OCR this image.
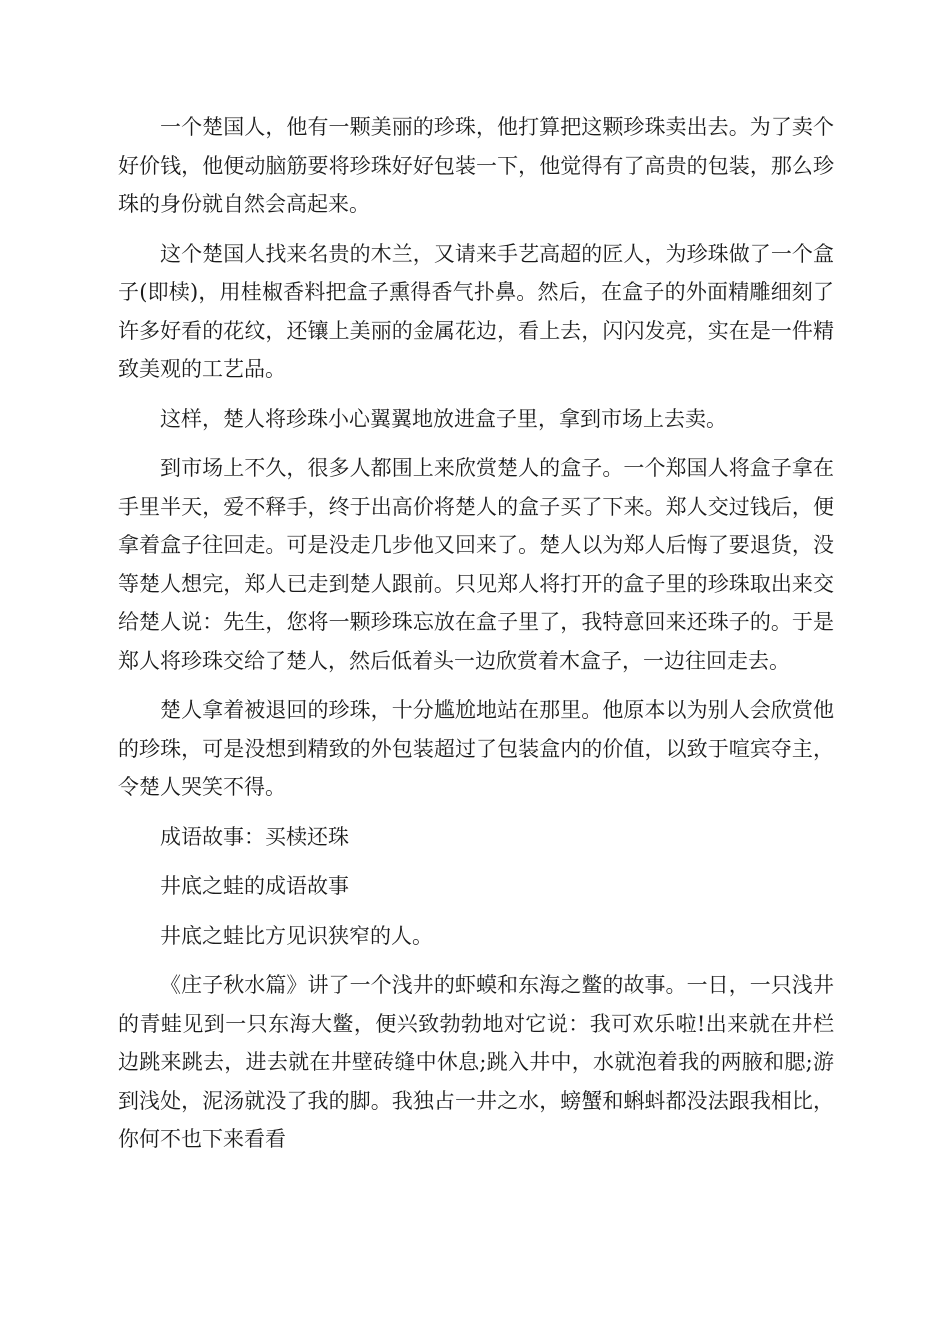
一个楚国人，他有一颗美丽的珍珠，他打算把这颗珍珠卖出去。为了卖个好价钱，他便动脑筋要将珍珠好好包装一下，他觉得有了高贵的包装，那么珍珠的身份就自然会高起来。

这个楚国人找来名贵的木兰，又请来手艺高超的匠人，为珍珠做了一个盒子(即椟)，用桂椒香料把盒子熏得香气扑鼻。然后，在盒子的外面精雕细刻了许多好看的花纹，还镶上美丽的金属花边，看上去，闪闪发亮，实在是一件精致美观的工艺品。

这样，楚人将珍珠小心翼翼地放进盒子里，拿到市场上去卖。

到市场上不久，很多人都围上来欣赏楚人的盒子。一个郑国人将盒子拿在手里半天，爱不释手，终于出高价将楚人的盒子买了下来。郑人交过钱后，便拿着盒子往回走。可是没走几步他又回来了。楚人以为郑人后悔了要退货，没等楚人想完，郑人已走到楚人跟前。只见郑人将打开的盒子里的珍珠取出来交给楚人说：先生，您将一颗珍珠忘放在盒子里了，我特意回来还珠子的。于是郑人将珍珠交给了楚人，然后低着头一边欣赏着木盒子，一边往回走去。

楚人拿着被退回的珍珠，十分尴尬地站在那里。他原本以为别人会欣赏他的珍珠，可是没想到精致的外包装超过了包装盒内的价值，以致于喧宾夺主，令楚人哭笑不得。

成语故事：买椟还珠

井底之蛙的成语故事

井底之蛙比方见识狭窄的人。

《庄子秋水篇》讲了一个浅井的虾蟆和东海之鳖的故事。一日，一只浅井的青蛙见到一只东海大鳖，便兴致勃勃地对它说：我可欢乐啦!出来就在井栏边跳来跳去，进去就在井壁砖缝中休息;跳入井中，水就泡着我的两腋和腮;游到浅处，泥汤就没了我的脚。我独占一井之水，螃蟹和蝌蚪都没法跟我相比，你何不也下来看看
